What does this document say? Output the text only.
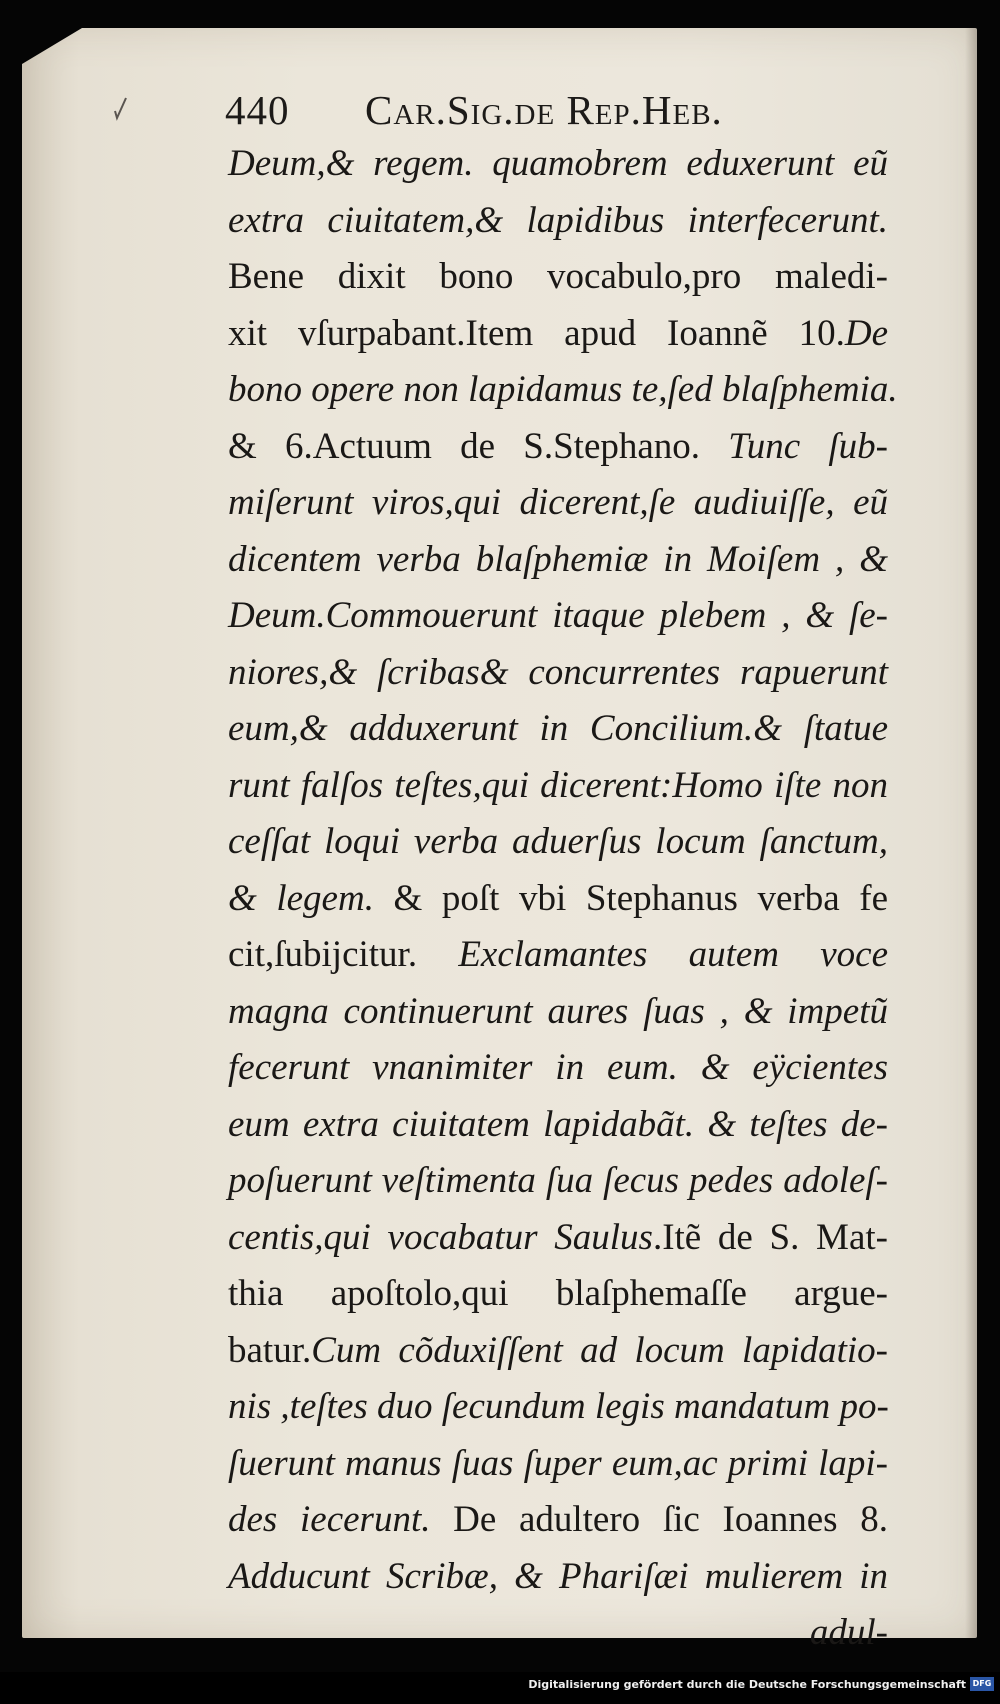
440 Car.Sig.de Rep.Heb.
Deum,& regem. quamobrem eduxerunt eũ
extra ciuitatem,& lapidibus interfecerunt.
Bene dixit bono vocabulo,pro maledi-
xit vſurpabant.Item apud Ioannẽ 10.De
bono opere non lapidamus te,ſed blaſphemia.
& 6.Actuum de S.Stephano. Tunc ſub-
miſerunt viros,qui dicerent,ſe audiuiſſe, eũ
dicentem verba blaſphemiæ in Moiſem , &
Deum.Commouerunt itaque plebem , & ſe-
niores,& ſcribas& concurrentes rapuerunt
eum,& adduxerunt in Concilium.& ſtatue
runt falſos teſtes,qui dicerent:Homo iſte non
ceſſat loqui verba aduerſus locum ſanctum,
& legem. & poſt vbi Stephanus verba fe
cit,ſubijcitur. Exclamantes autem voce
magna continuerunt aures ſuas , & impetũ
fecerunt vnanimiter in eum. & eÿcientes
eum extra ciuitatem lapidabãt. & teſtes de-
poſuerunt veſtimenta ſua ſecus pedes adoleſ-
centis,qui vocabatur Saulus.Itẽ de S. Mat-
thia apoſtolo,qui blaſphemaſſe argue-
batur.Cum cõduxiſſent ad locum lapidatio-
nis ,teſtes duo ſecundum legis mandatum po-
ſuerunt manus ſuas ſuper eum,ac primi lapi-
des iecerunt. De adultero ſic Ioannes 8.
Adducunt Scribæ, & Phariſæi mulierem in
adul-
Digitalisierung gefördert durch die Deutsche Forschungsgemeinschaft DFG
